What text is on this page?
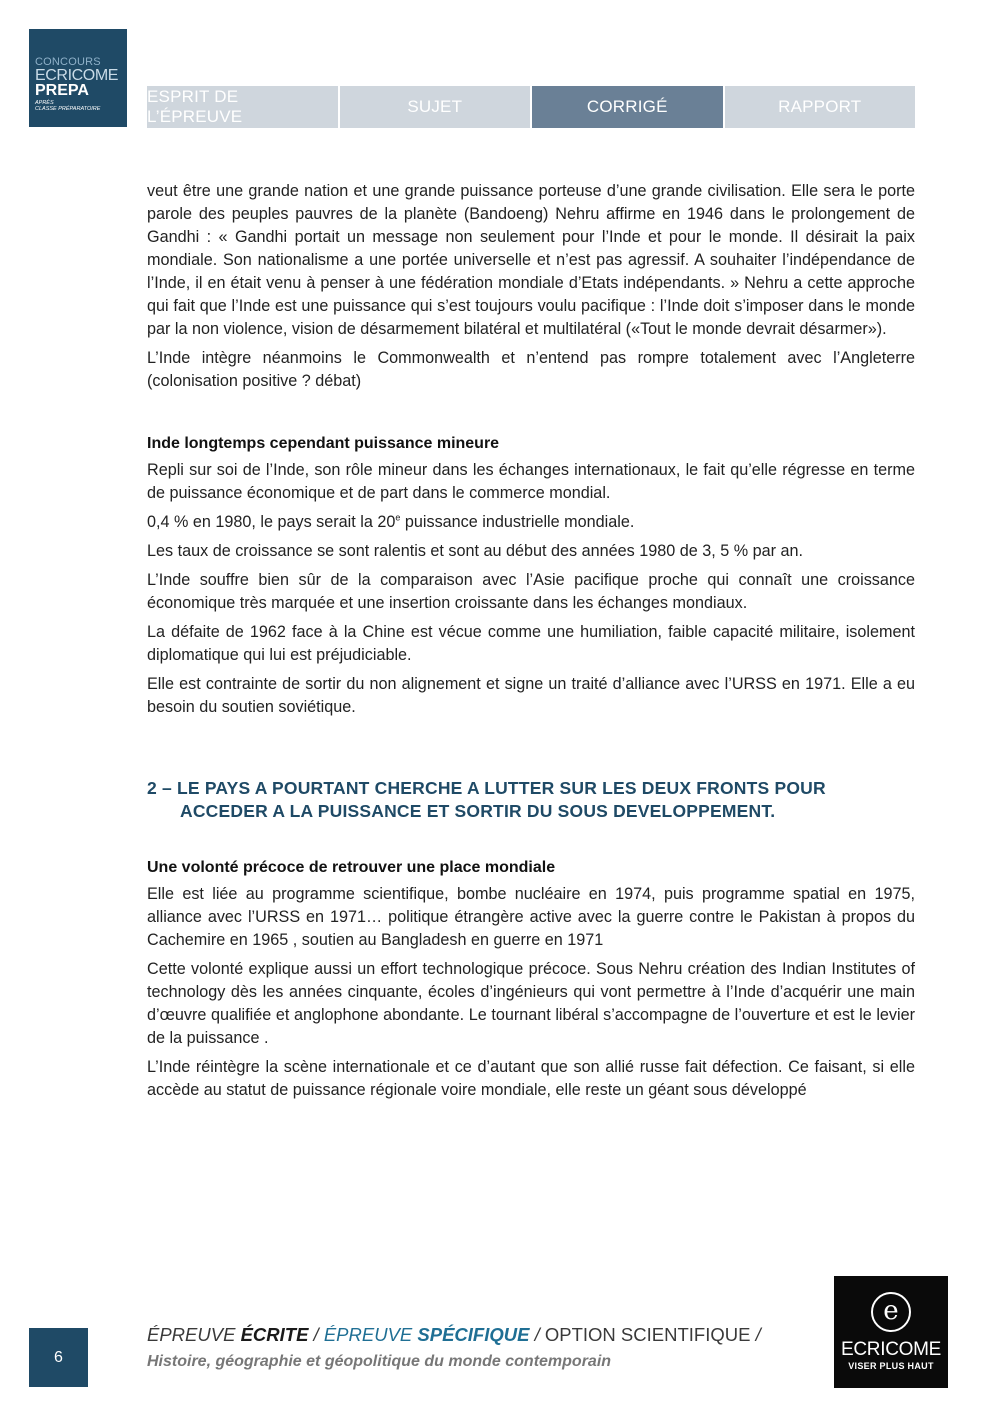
CONCOURS
ECRICOME
PREPA
APRÈS
CLASSE PRÉPARATOIRE
ESPRIT DE L’ÉPREUVE
SUJET	CORRIGÉ	RAPPORT

veut être une grande nation et une grande puissance porteuse d’une grande civilisation. Elle sera le porte parole des peuples pauvres de la planète (Bandoeng) Nehru affirme en 1946 dans le prolongement de Gandhi : « Gandhi portait un message non seulement pour l’Inde et pour le monde. Il désirait la paix mondiale. Son nationalisme a une portée universelle et n’est pas agressif. A souhaiter l’indépendance de l’Inde, il en était venu à penser à une fédération mondiale d’Etats indépendants. » Nehru a cette approche qui fait que l’Inde est une puissance qui s’est toujours voulu pacifique : l’Inde doit s’imposer dans le monde par la non violence, vision de désarmement bilatéral et multilatéral («Tout le monde devrait désarmer»).

L’Inde intègre néanmoins le Commonwealth et n’entend pas rompre totalement avec l’Angleterre (colonisation positive ? débat)

Inde longtemps cependant puissance mineure

Repli sur soi de l’Inde, son rôle mineur dans les échanges internationaux, le fait qu’elle régresse en terme de puissance économique et de part dans le commerce mondial.

0,4 % en 1980, le pays serait la 20e puissance industrielle mondiale.

Les taux de croissance se sont ralentis et sont au début des années 1980 de 3, 5 % par an.

L’Inde souffre bien sûr de la comparaison avec l’Asie pacifique proche qui connaît une croissance économique très marquée et une insertion croissante dans les échanges mondiaux.

La défaite de 1962 face à la Chine est vécue comme une humiliation, faible capacité militaire, isolement diplomatique qui lui est préjudiciable.

Elle est contrainte de sortir du non alignement et signe un traité d’alliance avec l’URSS en 1971. Elle a eu besoin du soutien soviétique.

2 – LE PAYS A POURTANT CHERCHE A LUTTER SUR LES DEUX FRONTS POUR
ACCEDER A LA PUISSANCE ET SORTIR DU SOUS DEVELOPPEMENT.
Une volonté précoce de retrouver une place mondiale

Elle est liée au programme scientifique, bombe nucléaire en 1974, puis programme spatial en 1975, alliance avec l’URSS en 1971… politique étrangère active avec la guerre contre le Pakistan à propos du Cachemire en 1965 , soutien au Bangladesh en guerre en 1971

Cette volonté explique aussi un effort technologique précoce. Sous Nehru création des Indian Institutes of technology dès les années cinquante, écoles d’ingénieurs qui vont permettre à l’Inde d’acquérir une main d’œuvre qualifiée et anglophone abondante. Le tournant libéral s’accompagne de l’ouverture et est le levier de la puissance .

L’Inde réintègre la scène internationale et ce d’autant que son allié russe fait défection. Ce faisant, si elle accède au statut de puissance régionale voire mondiale, elle reste un géant sous développé

6
ÉPREUVE ÉCRITE / ÉPREUVE SPÉCIFIQUE / OPTION SCIENTIFIQUE /
Histoire, géographie et géopolitique du monde contemporain
e
ECRICOME
VISER PLUS HAUT
